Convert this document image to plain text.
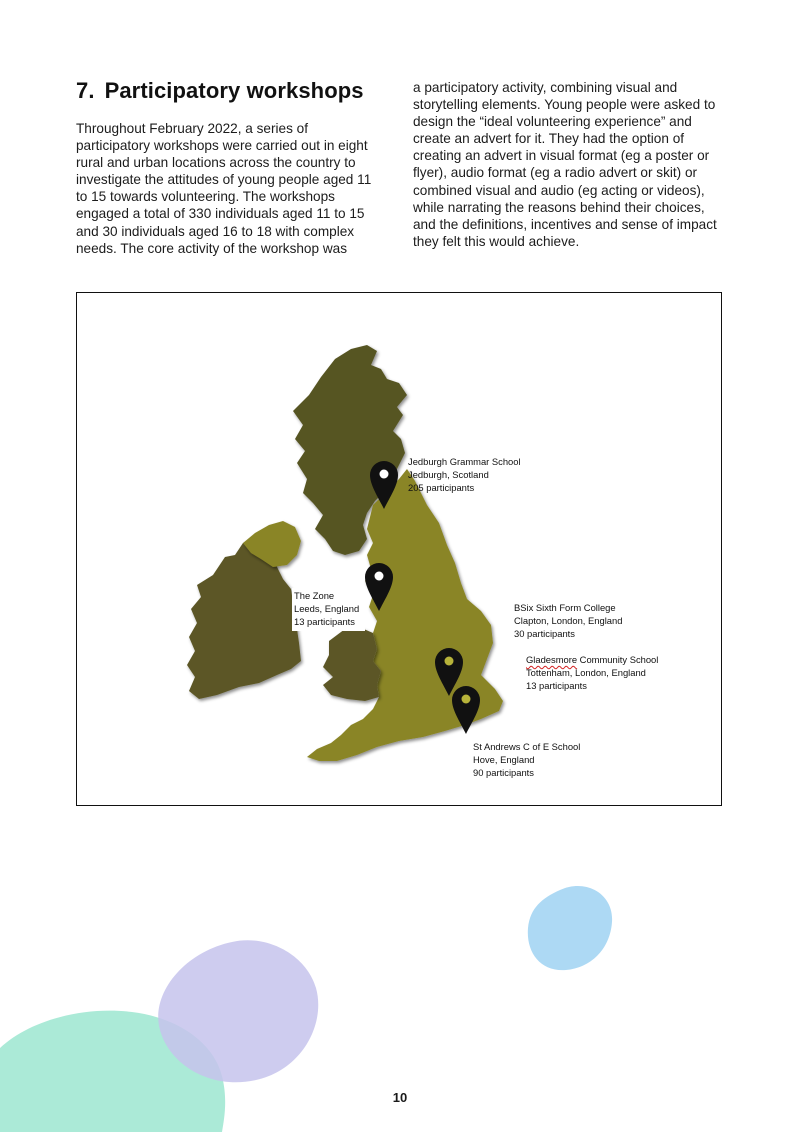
7. Participatory workshops

Throughout February 2022, a series of participatory workshops were carried out in eight rural and urban locations across the country to investigate the attitudes of young people aged 11 to 15 towards volunteering. The workshops engaged a total of 330 individuals aged 11 to 15 and 30 individuals aged 16 to 18 with complex needs. The core activity of the workshop was

a participatory activity, combining visual and storytelling elements. Young people were asked to design the “ideal volunteering experience” and create an advert for it. They had the option of creating an advert in visual format (eg a poster or flyer), audio format (eg a radio advert or skit) or combined visual and audio (eg acting or videos), while narrating the reasons behind their choices, and the definitions, incentives and sense of impact they felt this would achieve.

Jedburgh Grammar School
Jedburgh, Scotland
205 participants

The Zone
Leeds, England
13 participants

BSix Sixth Form College
Clapton, London, England
30 participants

Gladesmore Community School
Tottenham, London, England
13 participants

St Andrews C of E School
Hove, England
90 participants

10
